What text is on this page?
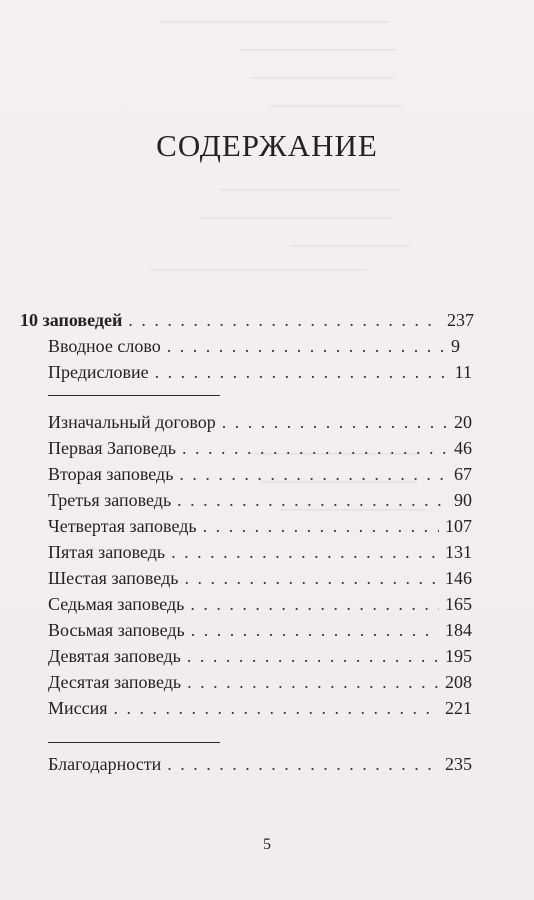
───────────────────
─────────────
────────────
───────────
───────────────
────────────────
──────────
──────────────────
──────────────
─────────────
────────────
СОДЕРЖАНИЕ
10 заповедей . . .	237
Вводное слово . . .	9
Предисловие . . .	11
Изначальный договор . . .	20
Первая Заповедь . . .	46
Вторая заповедь . . .	67
Третья заповедь . . .	90
Четвертая заповедь . . .	107
Пятая заповедь . . .	131
Шестая заповедь . . .	146
Седьмая заповедь . . .	165
Восьмая заповедь . . .	184
Девятая заповедь . . .	195
Десятая заповедь . . .	208
Миссия . . .	221
Благодарности . . .	235
5
